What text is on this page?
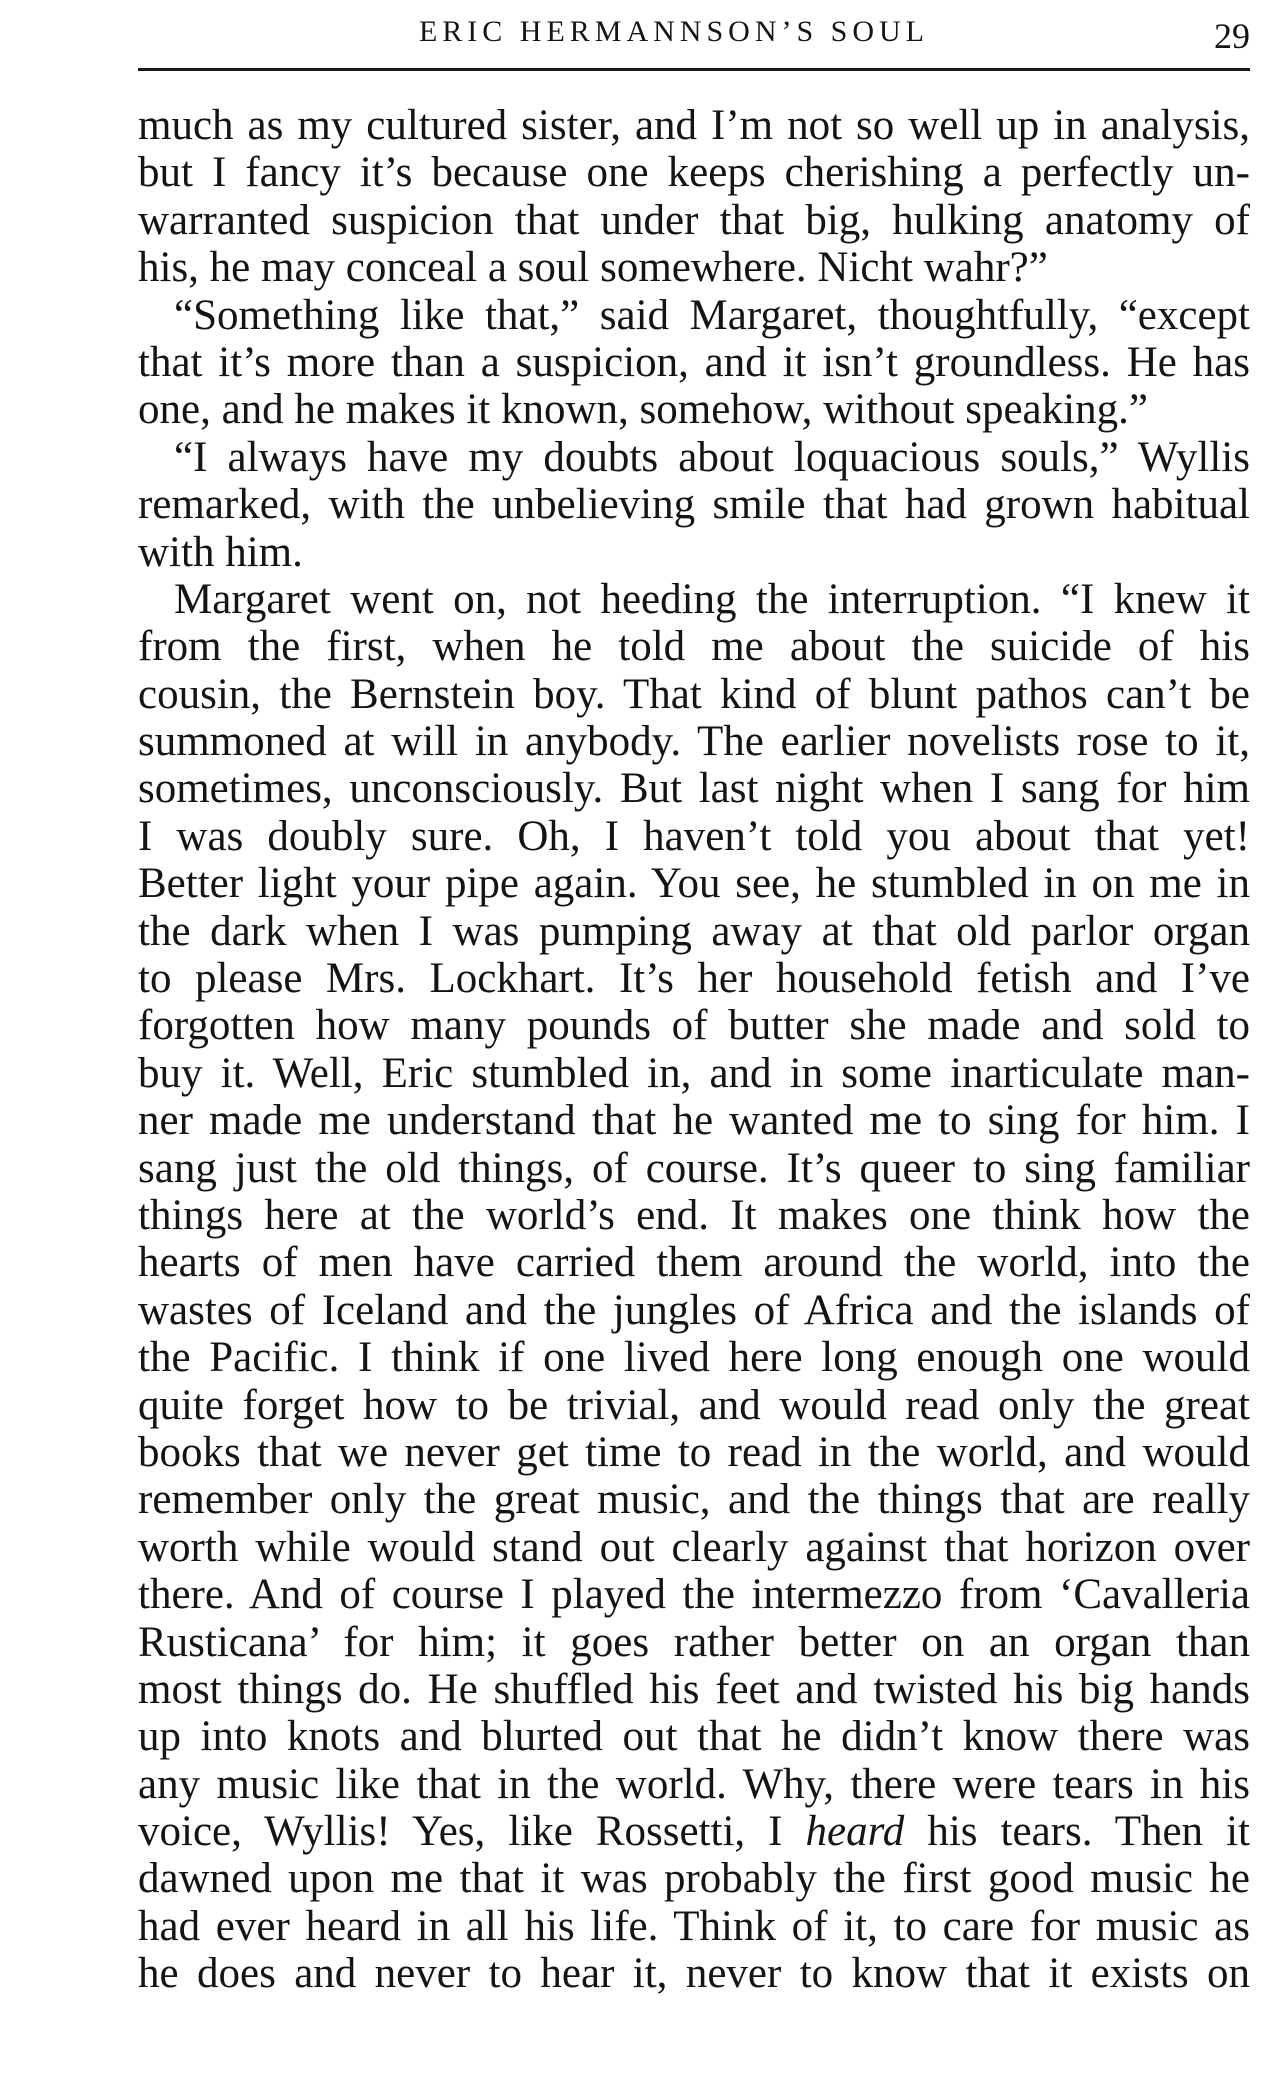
ERIC HERMANNSON’S SOUL	29
much as my cultured sister, and I’m not so well up in analysis,
but I fancy it’s because one keeps cherishing a perfectly un-
warranted suspicion that under that big, hulking anatomy of
his, he may conceal a soul somewhere. Nicht wahr?”
“Something like that,” said Margaret, thoughtfully, “except
that it’s more than a suspicion, and it isn’t groundless. He has
one, and he makes it known, somehow, without speaking.”
“I always have my doubts about loquacious souls,” Wyllis
remarked, with the unbelieving smile that had grown habitual
with him.
Margaret went on, not heeding the interruption. “I knew it
from the first, when he told me about the suicide of his
cousin, the Bernstein boy. That kind of blunt pathos can’t be
summoned at will in anybody. The earlier novelists rose to it,
sometimes, unconsciously. But last night when I sang for him
I was doubly sure. Oh, I haven’t told you about that yet!
Better light your pipe again. You see, he stumbled in on me in
the dark when I was pumping away at that old parlor organ
to please Mrs. Lockhart. It’s her household fetish and I’ve
forgotten how many pounds of butter she made and sold to
buy it. Well, Eric stumbled in, and in some inarticulate man-
ner made me understand that he wanted me to sing for him. I
sang just the old things, of course. It’s queer to sing familiar
things here at the world’s end. It makes one think how the
hearts of men have carried them around the world, into the
wastes of Iceland and the jungles of Africa and the islands of
the Pacific. I think if one lived here long enough one would
quite forget how to be trivial, and would read only the great
books that we never get time to read in the world, and would
remember only the great music, and the things that are really
worth while would stand out clearly against that horizon over
there. And of course I played the intermezzo from ‘Cavalleria
Rusticana’ for him; it goes rather better on an organ than
most things do. He shuffled his feet and twisted his big hands
up into knots and blurted out that he didn’t know there was
any music like that in the world. Why, there were tears in his
voice, Wyllis! Yes, like Rossetti, I heard his tears. Then it
dawned upon me that it was probably the first good music he
had ever heard in all his life. Think of it, to care for music as
he does and never to hear it, never to know that it exists on
